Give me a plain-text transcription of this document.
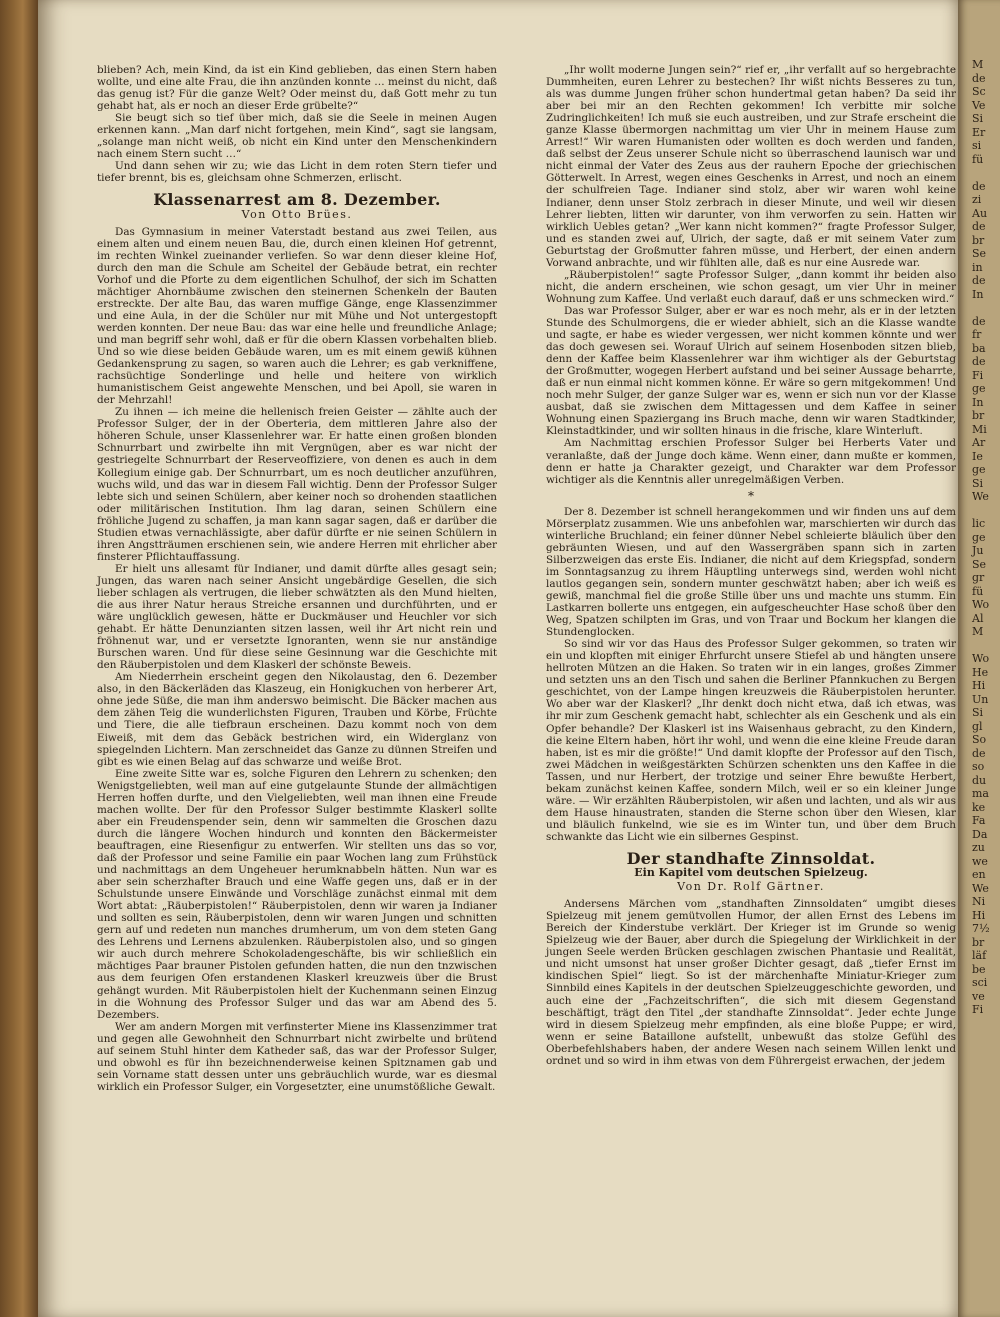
blieben? Ach, mein Kind, da ist ein Kind geblieben, das einen Stern haben wollte, und eine alte Frau, die ihn anzünden konnte … meinst du nicht, daß das genug ist? Für die ganze Welt? Oder meinst du, daß Gott mehr zu tun gehabt hat, als er noch an dieser Erde grübelte?“

Sie beugt sich so tief über mich, daß sie die Seele in meinen Augen erkennen kann. „Man darf nicht fortgehen, mein Kind“, sagt sie langsam, „solange man nicht weiß, ob nicht ein Kind unter den Menschenkindern nach einem Stern sucht …“

Und dann sehen wir zu; wie das Licht in dem roten Stern tiefer und tiefer brennt, bis es, gleichsam ohne Schmerzen, erlischt.

Klassenarrest am 8. Dezember.
Von Otto Brües.

Das Gymnasium in meiner Vaterstadt bestand aus zwei Teilen, aus einem alten und einem neuen Bau, die, durch einen kleinen Hof getrennt, im rechten Winkel zueinander verliefen. So war denn dieser kleine Hof, durch den man die Schule am Scheitel der Gebäude betrat, ein rechter Vorhof und die Pforte zu dem eigentlichen Schulhof, der sich im Schatten mächtiger Ahornbäume zwischen den steinernen Schenkeln der Bauten erstreckte. Der alte Bau, das waren muffige Gänge, enge Klassenzimmer und eine Aula, in der die Schüler nur mit Mühe und Not untergestopft werden konnten. Der neue Bau: das war eine helle und freundliche Anlage; und man begriff sehr wohl, daß er für die obern Klassen vorbehalten blieb. Und so wie diese beiden Gebäude waren, um es mit einem gewiß kühnen Gedankensprung zu sagen, so waren auch die Lehrer; es gab verkniffene, rachsüchtige Sonderlinge und helle und heitere von wirklich humanistischem Geist angewehte Menschen, und bei Apoll, sie waren in der Mehrzahl!

Zu ihnen — ich meine die hellenisch freien Geister — zählte auch der Professor Sulger, der in der Oberteria, dem mittleren Jahre also der höheren Schule, unser Klassenlehrer war. Er hatte einen großen blonden Schnurrbart und zwirbelte ihn mit Vergnügen, aber es war nicht der gestriegelte Schnurrbart der Reserveoffiziere, von denen es auch in dem Kollegium einige gab. Der Schnurrbart, um es noch deutlicher anzuführen, wuchs wild, und das war in diesem Fall wichtig. Denn der Professor Sulger lebte sich und seinen Schülern, aber keiner noch so drohenden staatlichen oder militärischen Institution. Ihm lag daran, seinen Schülern eine fröhliche Jugend zu schaffen, ja man kann sagar sagen, daß er darüber die Studien etwas vernachlässigte, aber dafür dürfte er nie seinen Schülern in ihren Angstträumen erschienen sein, wie andere Herren mit ehrlicher aber finsterer Pflichtauffassung.

Er hielt uns allesamt für Indianer, und damit dürfte alles gesagt sein; Jungen, das waren nach seiner Ansicht ungebärdige Gesellen, die sich lieber schlagen als vertrugen, die lieber schwätzten als den Mund hielten, die aus ihrer Natur heraus Streiche ersannen und durchführten, und er wäre unglücklich gewesen, hätte er Duckmäuser und Heuchler vor sich gehabt. Er hätte Denunzianten sitzen lassen, weil ihr Art nicht rein und fröhnenut war, und er versetzte Ignoranten, wenn sie nur anständige Burschen waren. Und für diese seine Gesinnung war die Geschichte mit den Räuberpistolen und dem Klaskerl der schönste Beweis.

Am Niederrhein erscheint gegen den Nikolaustag, den 6. Dezember also, in den Bäckerläden das Klaszeug, ein Honigkuchen von herberer Art, ohne jede Süße, die man ihm anderswo beimischt. Die Bäcker machen aus dem zähen Teig die wunderlichsten Figuren, Trauben und Körbe, Früchte und Tiere, die alle tiefbraun erscheinen. Dazu kommt noch von dem Eiweiß, mit dem das Gebäck bestrichen wird, ein Widerglanz von spiegelnden Lichtern. Man zerschneidet das Ganze zu dünnen Streifen und gibt es wie einen Belag auf das schwarze und weiße Brot.

Eine zweite Sitte war es, solche Figuren den Lehrern zu schenken; den Wenigstgeliebten, weil man auf eine gutgelaunte Stunde der allmächtigen Herren hoffen durfte, und den Vielgeliebten, weil man ihnen eine Freude machen wollte. Der für den Professor Sulger bestimmte Klaskerl sollte aber ein Freudenspender sein, denn wir sammelten die Groschen dazu durch die längere Wochen hindurch und konnten den Bäckermeister beauftragen, eine Riesenfigur zu entwerfen. Wir stellten uns das so vor, daß der Professor und seine Familie ein paar Wochen lang zum Frühstück und nachmittags an dem Ungeheuer herumknabbeln hätten. Nun war es aber sein scherzhafter Brauch und eine Waffe gegen uns, daß er in der Schulstunde unsere Einwände und Vorschläge zunächst einmal mit dem Wort abtat: „Räuberpistolen!“ Räuberpistolen, denn wir waren ja Indianer und sollten es sein, Räuberpistolen, denn wir waren Jungen und schnitten gern auf und redeten nun manches drumherum, um von dem steten Gang des Lehrens und Lernens abzulenken. Räuberpistolen also, und so gingen wir auch durch mehrere Schokoladengeschäfte, bis wir schließlich ein mächtiges Paar brauner Pistolen gefunden hatten, die nun den tnzwischen aus dem feurigen Ofen erstandenen Klaskerl kreuzweis über die Brust gehängt wurden. Mit Räuberpistolen hielt der Kuchenmann seinen Einzug in die Wohnung des Professor Sulger und das war am Abend des 5. Dezembers.

Wer am andern Morgen mit verfinsterter Miene ins Klassenzimmer trat und gegen alle Gewohnheit den Schnurrbart nicht zwirbelte und brütend auf seinem Stuhl hinter dem Katheder saß, das war der Professor Sulger, und obwohl es für ihn bezeichnenderweise keinen Spitznamen gab und sein Vorname statt dessen unter uns gebräuchlich wurde, war es diesmal wirklich ein Professor Sulger, ein Vorgesetzter, eine unumstößliche Gewalt.

„Ihr wollt moderne Jungen sein?“ rief er, „ihr verfallt auf so hergebrachte Dummheiten, euren Lehrer zu bestechen? Ihr wißt nichts Besseres zu tun, als was dumme Jungen früher schon hundertmal getan haben? Da seid ihr aber bei mir an den Rechten gekommen! Ich verbitte mir solche Zudringlichkeiten! Ich muß sie euch austreiben, und zur Strafe erscheint die ganze Klasse übermorgen nachmittag um vier Uhr in meinem Hause zum Arrest!“ Wir waren Humanisten oder wollten es doch werden und fanden, daß selbst der Zeus unserer Schule nicht so überraschend launisch war und nicht einmal der Vater des Zeus aus der rauhern Epoche der griechischen Götterwelt. In Arrest, wegen eines Geschenks in Arrest, und noch an einem der schulfreien Tage. Indianer sind stolz, aber wir waren wohl keine Indianer, denn unser Stolz zerbrach in dieser Minute, und weil wir diesen Lehrer liebten, litten wir darunter, von ihm verworfen zu sein. Hatten wir wirklich Uebles getan? „Wer kann nicht kommen?“ fragte Professor Sulger, und es standen zwei auf, Ulrich, der sagte, daß er mit seinem Vater zum Geburtstag der Großmutter fahren müsse, und Herbert, der einen andern Vorwand anbrachte, und wir fühlten alle, daß es nur eine Ausrede war.

„Räuberpistolen!“ sagte Professor Sulger, „dann kommt ihr beiden also nicht, die andern erscheinen, wie schon gesagt, um vier Uhr in meiner Wohnung zum Kaffee. Und verlaßt euch darauf, daß er uns schmecken wird.“

Das war Professor Sulger, aber er war es noch mehr, als er in der letzten Stunde des Schulmorgens, die er wieder abhielt, sich an die Klasse wandte und sagte, er habe es wieder vergessen, wer nicht kommen könnte und wer das doch gewesen sei. Worauf Ulrich auf seinem Hosenboden sitzen blieb, denn der Kaffee beim Klassenlehrer war ihm wichtiger als der Geburtstag der Großmutter, wogegen Herbert aufstand und bei seiner Aussage beharrte, daß er nun einmal nicht kommen könne. Er wäre so gern mitgekommen! Und noch mehr Sulger, der ganze Sulger war es, wenn er sich nun vor der Klasse ausbat, daß sie zwischen dem Mittagessen und dem Kaffee in seiner Wohnung einen Spaziergang ins Bruch mache, denn wir waren Stadtkinder, Kleinstadtkinder, und wir sollten hinaus in die frische, klare Winterluft.

Am Nachmittag erschien Professor Sulger bei Herberts Vater und veranlaßte, daß der Junge doch käme. Wenn einer, dann mußte er kommen, denn er hatte ja Charakter gezeigt, und Charakter war dem Professor wichtiger als die Kenntnis aller unregelmäßigen Verben.

*

Der 8. Dezember ist schnell herangekommen und wir finden uns auf dem Mörserplatz zusammen. Wie uns anbefohlen war, marschierten wir durch das winterliche Bruchland; ein feiner dünner Nebel schleierte bläulich über den gebräunten Wiesen, und auf den Wassergräben spann sich in zarten Silberzweigen das erste Eis. Indianer, die nicht auf dem Kriegspfad, sondern im Sonntagsanzug zu ihrem Häuptling unterwegs sind, werden wohl nicht lautlos gegangen sein, sondern munter geschwätzt haben; aber ich weiß es gewiß, manchmal fiel die große Stille über uns und machte uns stumm. Ein Lastkarren bollerte uns entgegen, ein aufgescheuchter Hase schoß über den Weg, Spatzen schilpten im Gras, und von Traar und Bockum her klangen die Stundenglocken.

So sind wir vor das Haus des Professor Sulger gekommen, so traten wir ein und klopften mit einiger Ehrfurcht unsere Stiefel ab und hängten unsere hellroten Mützen an die Haken. So traten wir in ein langes, großes Zimmer und setzten uns an den Tisch und sahen die Berliner Pfannkuchen zu Bergen geschichtet, von der Lampe hingen kreuzweis die Räuberpistolen herunter. Wo aber war der Klaskerl? „Ihr denkt doch nicht etwa, daß ich etwas, was ihr mir zum Geschenk gemacht habt, schlechter als ein Geschenk und als ein Opfer behandle? Der Klaskerl ist ins Waisenhaus gebracht, zu den Kindern, die keine Eltern haben, hört ihr wohl, und wenn die eine kleine Freude daran haben, ist es mir die größte!“ Und damit klopfte der Professor auf den Tisch, zwei Mädchen in weißgestärkten Schürzen schenkten uns den Kaffee in die Tassen, und nur Herbert, der trotzige und seiner Ehre bewußte Herbert, bekam zunächst keinen Kaffee, sondern Milch, weil er so ein kleiner Junge wäre. — Wir erzählten Räuberpistolen, wir aßen und lachten, und als wir aus dem Hause hinaustraten, standen die Sterne schon über den Wiesen, klar und bläulich funkelnd, wie sie es im Winter tun, und über dem Bruch schwankte das Licht wie ein silbernes Gespinst.

Der standhafte Zinnsoldat.
Ein Kapitel vom deutschen Spielzeug.
Von Dr. Rolf Gärtner.

Andersens Märchen vom „standhaften Zinnsoldaten“ umgibt dieses Spielzeug mit jenem gemütvollen Humor, der allen Ernst des Lebens im Bereich der Kinderstube verklärt. Der Krieger ist im Grunde so wenig Spielzeug wie der Bauer, aber durch die Spiegelung der Wirklichkeit in der jungen Seele werden Brücken geschlagen zwischen Phantasie und Realität, und nicht umsonst hat unser großer Dichter gesagt, daß „tiefer Ernst im kindischen Spiel“ liegt. So ist der märchenhafte Miniatur-Krieger zum Sinnbild eines Kapitels in der deutschen Spielzeuggeschichte geworden, und auch eine der „Fachzeitschriften“, die sich mit diesem Gegenstand beschäftigt, trägt den Titel „der standhafte Zinnsoldat“. Jeder echte Junge wird in diesem Spielzeug mehr empfinden, als eine bloße Puppe; er wird, wenn er seine Bataillone aufstellt, unbewußt das stolze Gefühl des Oberbefehlshabers haben, der andere Wesen nach seinem Willen lenkt und ordnet und so wird in ihm etwas von dem Führergeist erwachen, der jedem

M
de
Sc
Ve
Si
Er
si
fü

de
zi
Au
de
br
Se
in
de
In

de
fr
ba
de
Fi
ge
In
br
Mi
Ar
Ie
ge
Si
We

lic
ge
Ju
Se
gr
fü
Wo
Al
M

Wo
He
Hi
Un
Si
gl
So
de
so
du
ma
ke
Fa
Da
zu
we
en
We
Ni
Hi
7½
br
läf
be
sci
ve
Fi
